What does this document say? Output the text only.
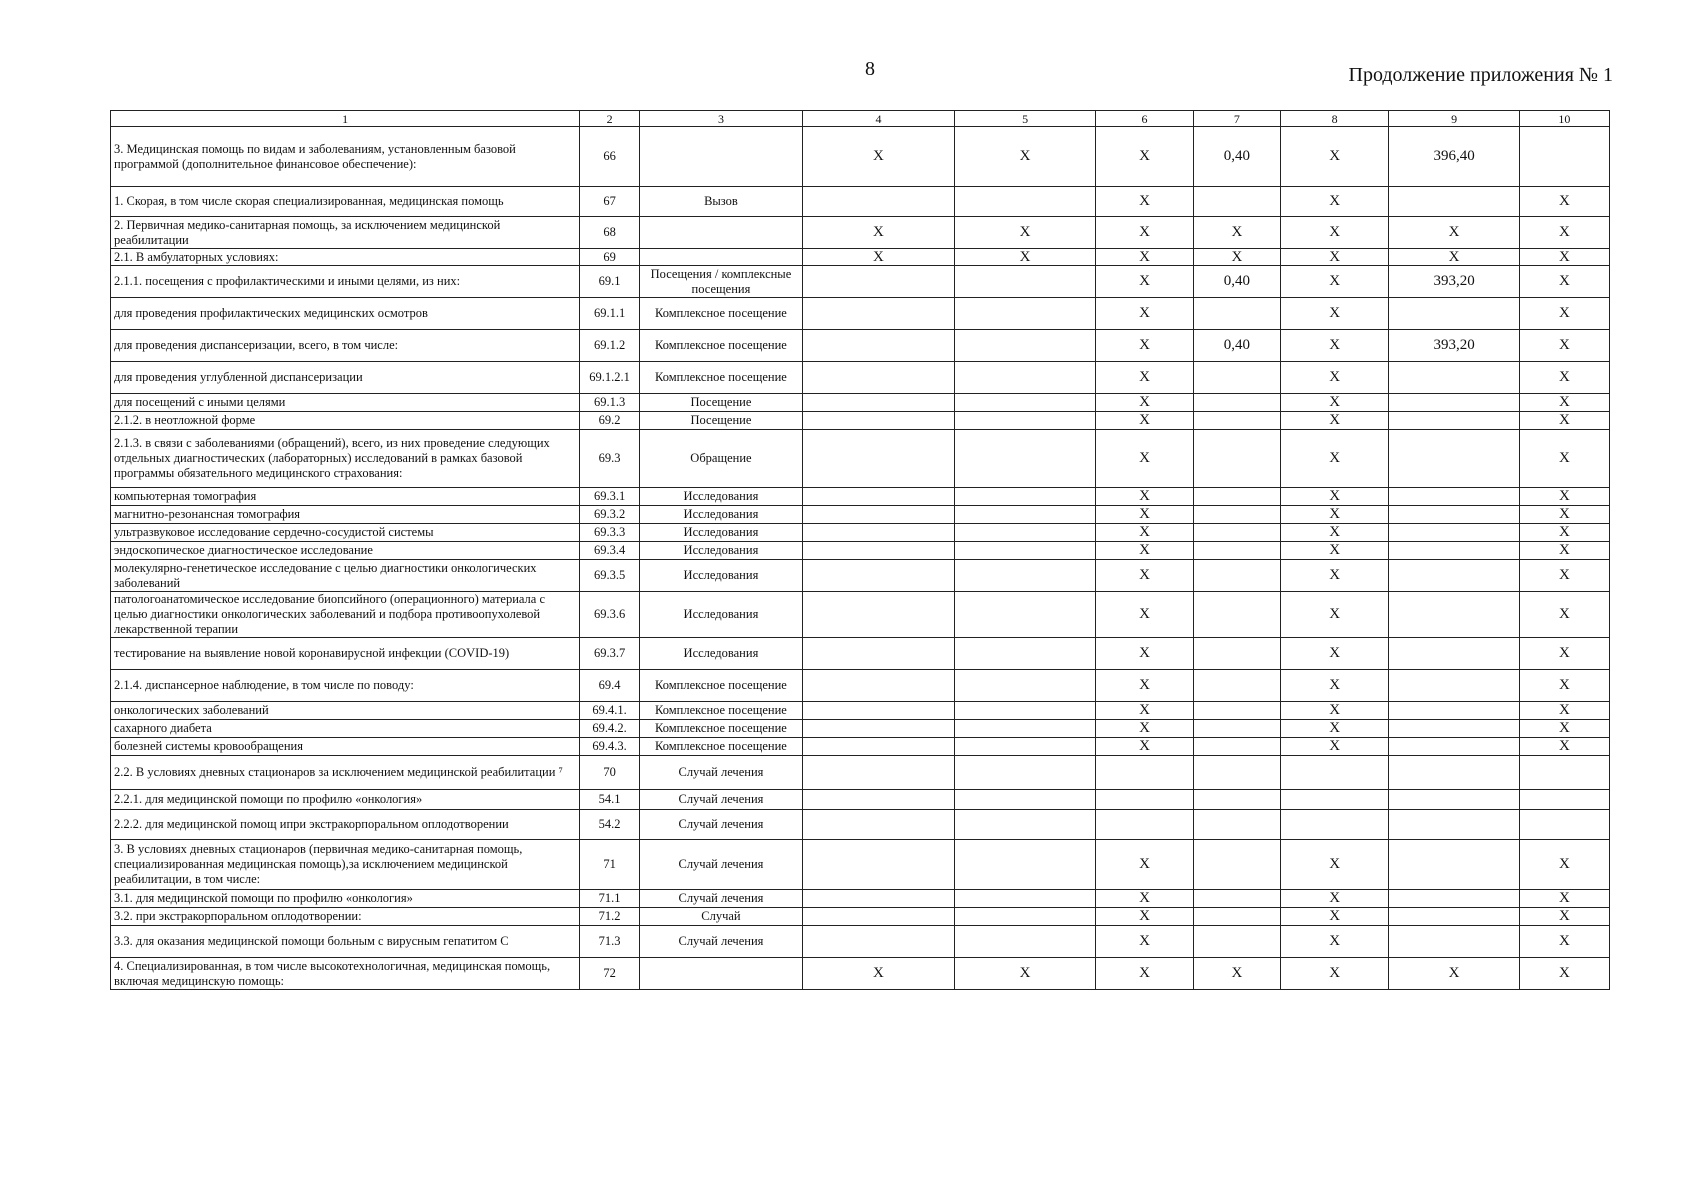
8	Продолжение приложения № 1
1	2	3	4	5	6	7	8	9	10
3. Медицинская помощь по видам и заболеваниям, установленным базовой программой (дополнительное финансовое обеспечение):	66		Х	Х	Х	0,40	Х	396,40	
1. Скорая, в том числе скорая специализированная, медицинская помощь	67	Вызов			Х		Х		Х
2. Первичная медико-санитарная помощь, за исключением медицинской реабилитации	68		Х	Х	Х	Х	Х	Х	Х
2.1. В амбулаторных условиях:	69		Х	Х	Х	Х	Х	Х	Х
2.1.1. посещения с профилактическими и иными целями, из них:	69.1	Посещения / комплексные посещения			Х	0,40	Х	393,20	Х
для проведения профилактических медицинских осмотров	69.1.1	Комплексное посещение			Х		Х		Х
для проведения диспансеризации, всего, в том числе:	69.1.2	Комплексное посещение			Х	0,40	Х	393,20	Х
для проведения углубленной диспансеризации	69.1.2.1	Комплексное посещение			Х		Х		Х
для посещений с иными целями	69.1.3	Посещение			Х		Х		Х
2.1.2. в неотложной форме	69.2	Посещение			Х		Х		Х
2.1.3. в связи с заболеваниями (обращений), всего, из них проведение следующих отдельных диагностических (лабораторных) исследований в рамках базовой программы обязательного медицинского страхования:	69.3	Обращение			Х		Х		Х
компьютерная томография	69.3.1	Исследования			Х		Х		Х
магнитно-резонансная томография	69.3.2	Исследования			Х		Х		Х
ультразвуковое исследование сердечно-сосудистой системы	69.3.3	Исследования			Х		Х		Х
эндоскопическое диагностическое исследование	69.3.4	Исследования			Х		Х		Х
молекулярно-генетическое исследование с целью диагностики онкологических заболеваний	69.3.5	Исследования			Х		Х		Х
патологоанатомическое исследование биопсийного (операционного) материала с целью диагностики онкологических заболеваний и подбора противоопухолевой лекарственной терапии	69.3.6	Исследования			Х		Х		Х
тестирование на выявление новой коронавирусной инфекции (COVID-19)	69.3.7	Исследования			Х		Х		Х
2.1.4. диспансерное наблюдение, в том числе по поводу:	69.4	Комплексное посещение			Х		Х		Х
онкологических заболеваний	69.4.1.	Комплексное посещение			Х		Х		Х
сахарного диабета	69.4.2.	Комплексное посещение			Х		Х		Х
болезней системы кровообращения	69.4.3.	Комплексное посещение			Х		Х		Х
2.2. В условиях дневных стационаров за исключением медицинской реабилитации ⁷	70	Случай лечения							
2.2.1. для медицинской помощи по профилю «онкология»	54.1	Случай лечения							
2.2.2. для медицинской помощ ипри экстракорпоральном оплодотворении	54.2	Случай лечения							
3. В условиях дневных стационаров (первичная медико-санитарная помощь, специализированная медицинская помощь),за исключением медицинской реабилитации, в том числе:	71	Случай лечения			Х		Х		Х
3.1. для медицинской помощи по профилю «онкология»	71.1	Случай лечения			Х		Х		Х
3.2. при экстракорпоральном оплодотворении:	71.2	Случай			Х		Х		Х
3.3. для оказания медицинской помощи больным с вирусным гепатитом С	71.3	Случай лечения			Х		Х		Х
4. Специализированная, в том числе высокотехнологичная, медицинская помощь, включая медицинскую помощь:	72		Х	Х	Х	Х	Х	Х	Х
